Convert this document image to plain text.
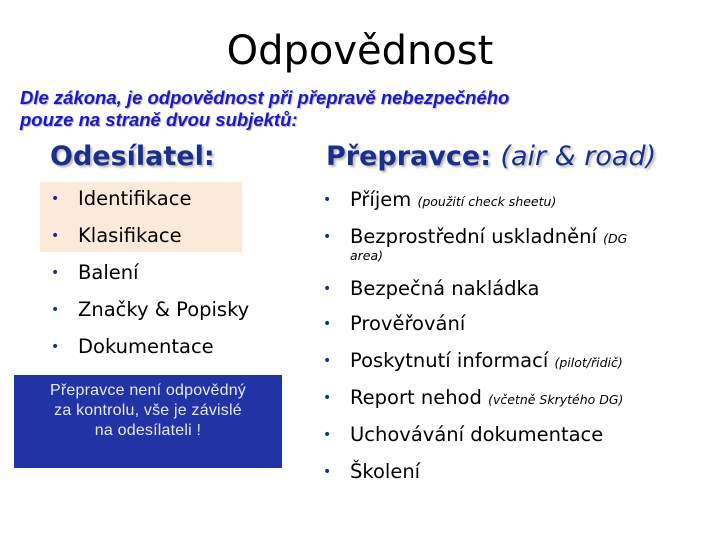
Odpovědnost
Dle zákona, je odpovědnost při přepravě nebezpečného
pouze na straně dvou subjektů:
Odesílatel:	Přepravce: (air & road)
• Identifikace
• Klasifikace
• Balení
• Značky & Popisky
• Dokumentace
Přepravce není odpovědný
za kontrolu, vše je závislé
na odesílateli !
• Příjem (použití check sheetu)
• Bezprostřední uskladnění (DG
area)
• Bezpečná nakládka
• Prověřování
• Poskytnutí informací (pilot/řidič)
• Report nehod (včetně Skrytého DG)
• Uchovávání dokumentace
• Školení
